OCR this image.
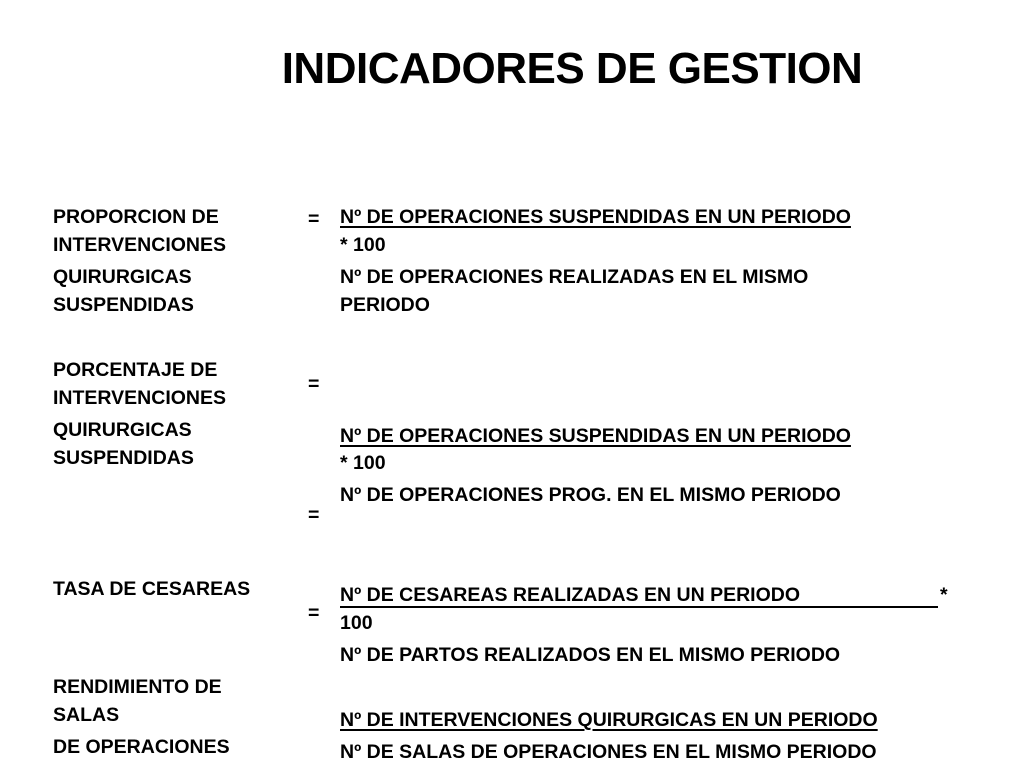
INDICADORES DE GESTION
PROPORCION DE
INTERVENCIONES
QUIRURGICAS
SUSPENDIDAS
= Nº DE OPERACIONES SUSPENDIDAS EN UN PERIODO
* 100
Nº DE OPERACIONES REALIZADAS EN EL MISMO
PERIODO
PORCENTAJE DE
INTERVENCIONES
QUIRURGICAS
SUSPENDIDAS
=
=
Nº DE OPERACIONES SUSPENDIDAS EN UN PERIODO
* 100
Nº DE OPERACIONES PROG. EN EL MISMO PERIODO
TASA DE CESAREAS
=
Nº DE CESAREAS REALIZADAS EN UN PERIODO	*
100
Nº DE PARTOS REALIZADOS EN EL MISMO PERIODO
RENDIMIENTO DE
SALAS
DE OPERACIONES
Nº DE INTERVENCIONES QUIRURGICAS EN UN PERIODO
Nº DE SALAS DE OPERACIONES EN EL MISMO PERIODO
